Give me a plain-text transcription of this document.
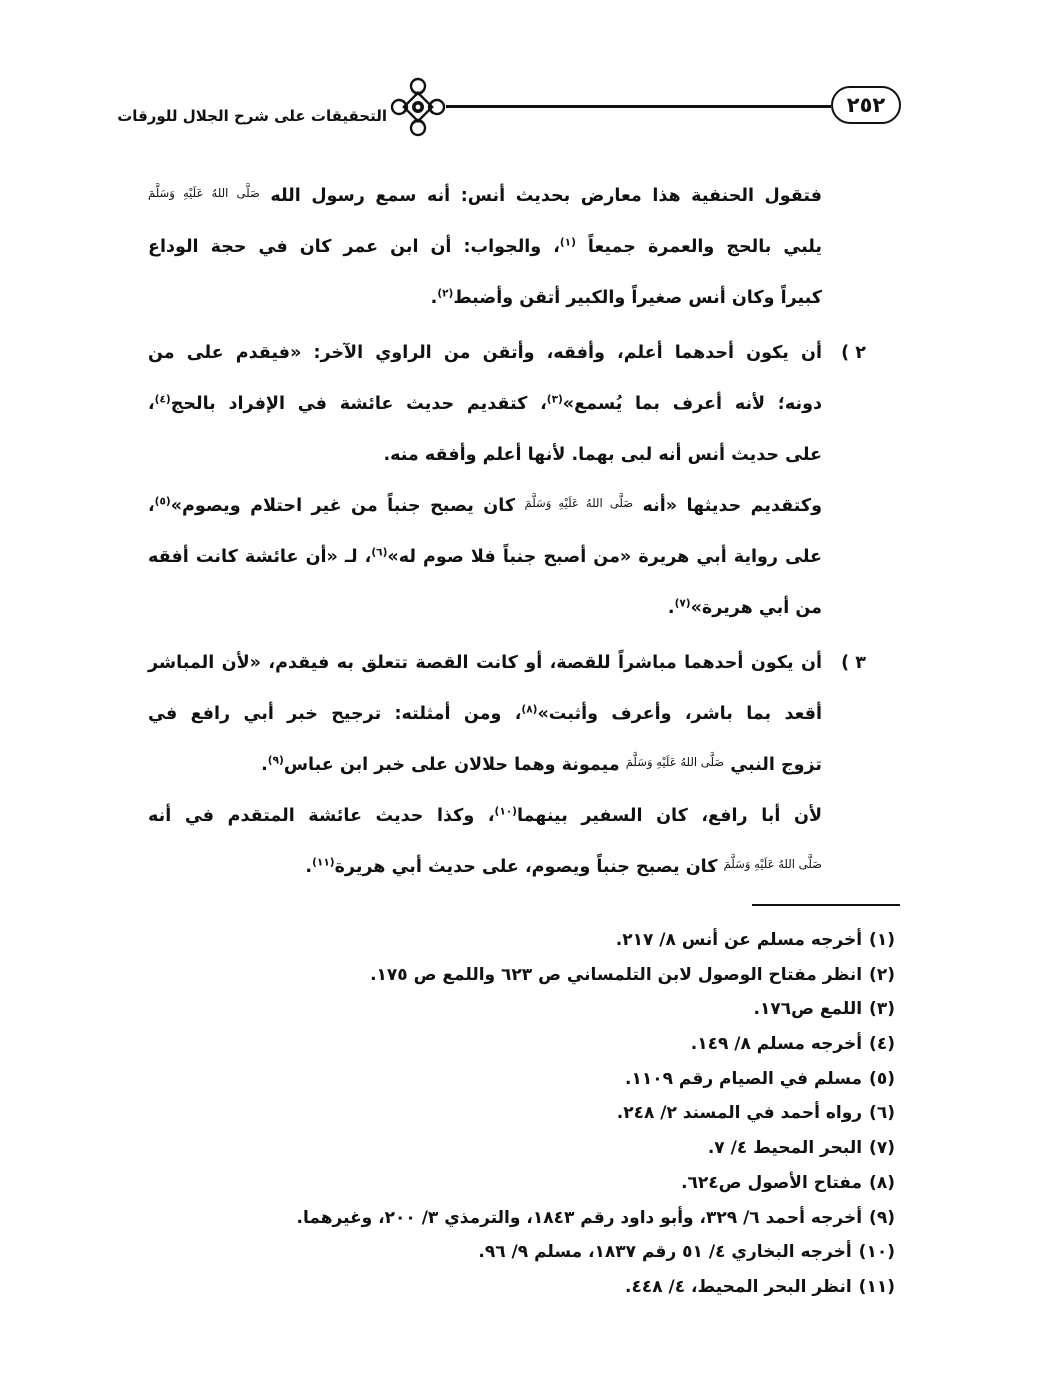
٢٥٢
التحقيقات على شرح الجلال للورقات
فتقول الحنفية هذا معارض بحديث أنس: أنه سمع رسول الله $^{صَلَّى اللهُ عَلَيْهِ وَسَلَّمَ}$
يلبي بالحج والعمرة جميعاً $^{(١)}$، والجواب: أن ابن عمر كان في حجة الوداع
كبيراً وكان أنس صغيراً والكبير أتقن وأضبط$^{(٢)}$.
٢ )
أن يكون أحدهما أعلم، وأفقه، وأتقن من الراوي الآخر: «فيقدم على من
دونه؛ لأنه أعرف بما يُسمع»$^{(٣)}$، كتقديم حديث عائشة في الإفراد بالحج$^{(٤)}$،
على حديث أنس أنه لبى بهما. لأنها أعلم وأفقه منه.
وكتقديم حديثها «أنه $^{صَلَّى اللهُ عَلَيْهِ وَسَلَّمَ}$ كان يصبح جنباً من غير احتلام ويصوم»$^{(٥)}$،
على رواية أبي هريرة «من أصبح جنباً فلا صوم له»$^{(٦)}$، لـ «أن عائشة كانت أفقه
من أبي هريرة»$^{(٧)}$.
٣ )
أن يكون أحدهما مباشراً للقصة، أو كانت القصة تتعلق به فيقدم، «لأن المباشر
أقعد بما باشر، وأعرف وأثبت»$^{(٨)}$، ومن أمثلته: ترجيح خبر أبي رافع في
تزوج النبي $^{صَلَّى اللهُ عَلَيْهِ وَسَلَّمَ}$ ميمونة وهما حلالان على خبر ابن عباس$^{(٩)}$.
لأن أبا رافع، كان السفير بينهما$^{(١٠)}$، وكذا حديث عائشة المتقدم في أنه
$^{صَلَّى اللهُ عَلَيْهِ وَسَلَّمَ}$ كان يصبح جنباً ويصوم، على حديث أبي هريرة$^{(١١)}$.
(١)أخرجه مسلم عن أنس ٨/ ٢١٧.
(٢)انظر مفتاح الوصول لابن التلمساني ص ٦٢٣ واللمع ص ١٧٥.
(٣)اللمع ص١٧٦.
(٤)أخرجه مسلم ٨/ ١٤٩.
(٥)مسلم في الصيام رقم ١١٠٩.
(٦)رواه أحمد في المسند ٢/ ٢٤٨.
(٧)البحر المحيط ٤/ ٧.
(٨)مفتاح الأصول ص٦٢٤.
(٩)أخرجه أحمد ٦/ ٣٢٩، وأبو داود رقم ١٨٤٣، والترمذي ٣/ ٢٠٠، وغيرهما.
(١٠)أخرجه البخاري ٤/ ٥١ رقم ١٨٣٧، مسلم ٩/ ٩٦.
(١١)انظر البحر المحيط، ٤/ ٤٤٨.
